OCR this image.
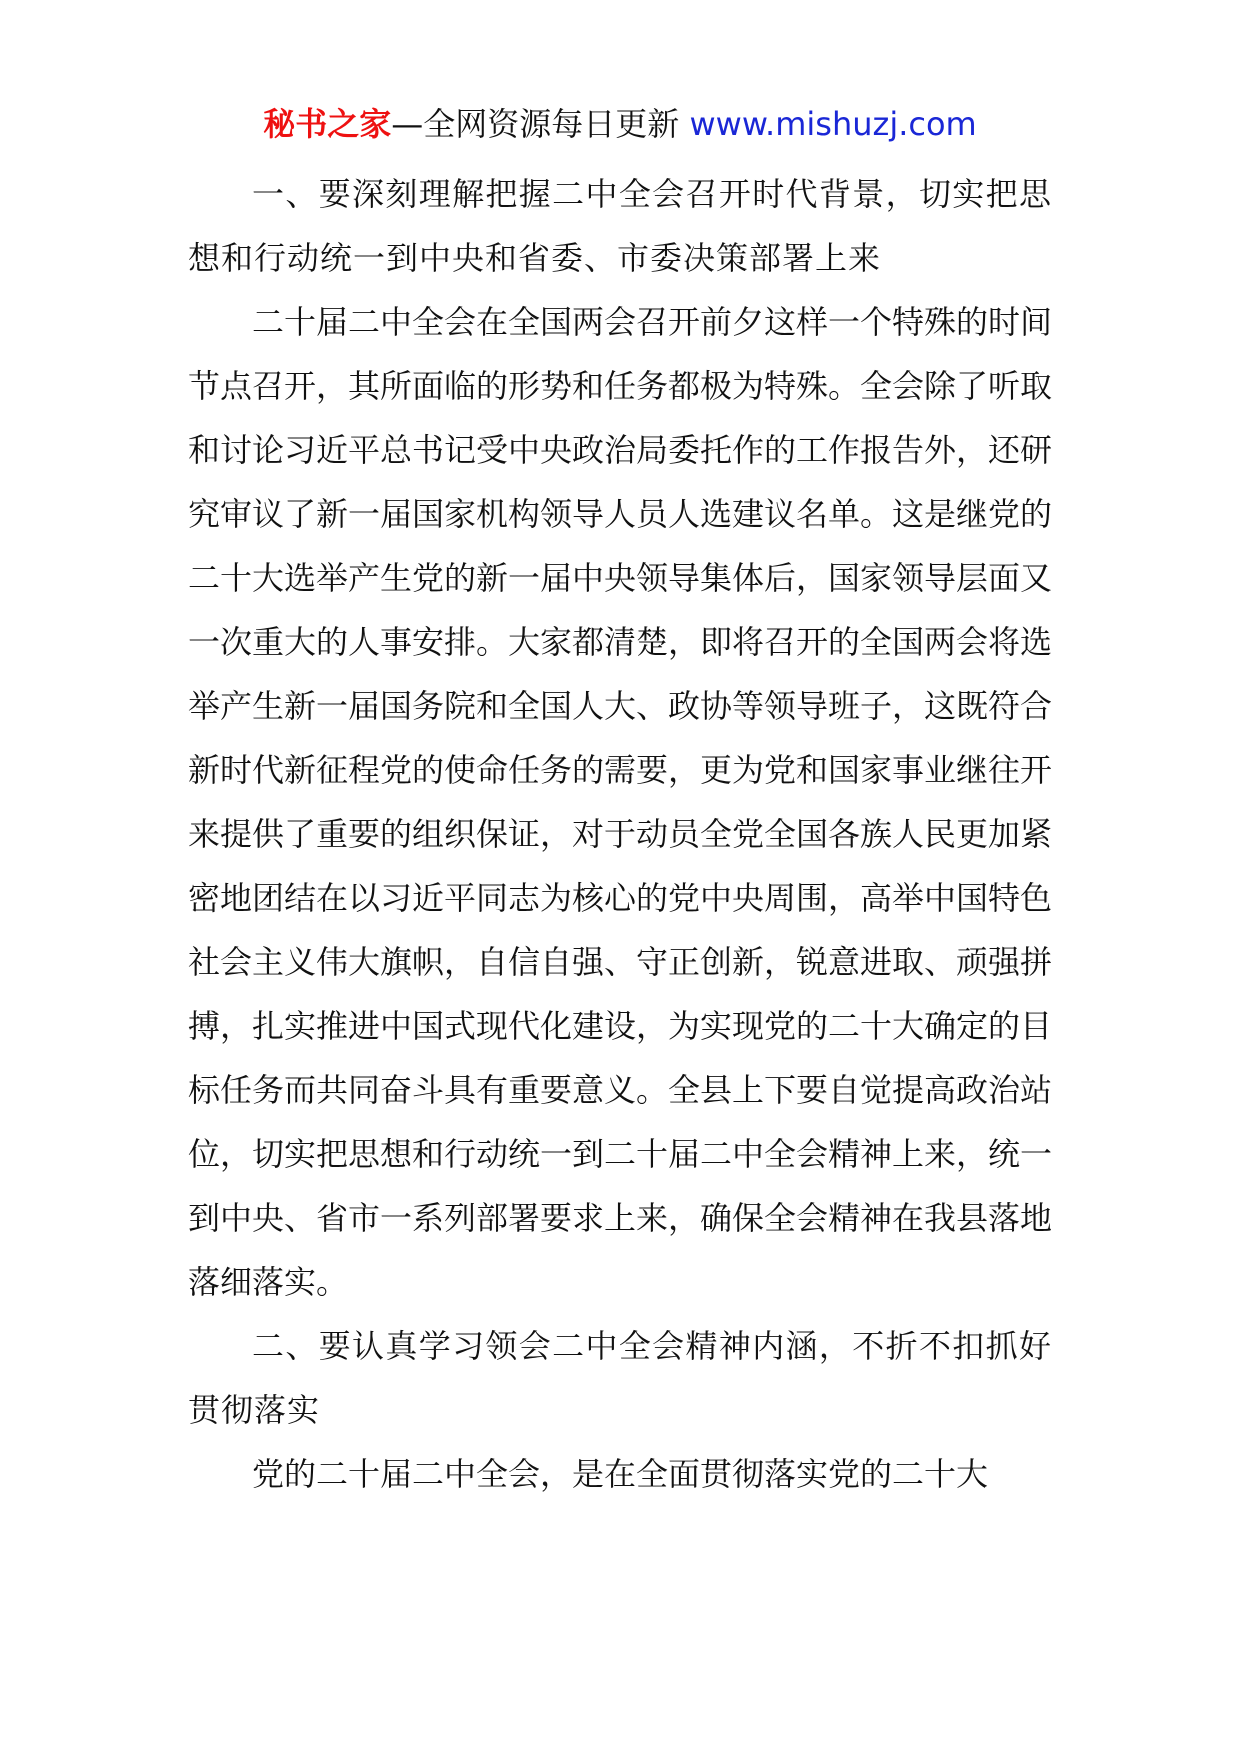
秘书之家—全网资源每日更新 www.mishuzj.com

一、要深刻理解把握二中全会召开时代背景，切实把思想和行动统一到中央和省委、市委决策部署上来

二十届二中全会在全国两会召开前夕这样一个特殊的时间节点召开，其所面临的形势和任务都极为特殊。全会除了听取和讨论习近平总书记受中央政治局委托作的工作报告外，还研究审议了新一届国家机构领导人员人选建议名单。这是继党的二十大选举产生党的新一届中央领导集体后，国家领导层面又一次重大的人事安排。大家都清楚，即将召开的全国两会将选举产生新一届国务院和全国人大、政协等领导班子，这既符合新时代新征程党的使命任务的需要，更为党和国家事业继往开来提供了重要的组织保证，对于动员全党全国各族人民更加紧密地团结在以习近平同志为核心的党中央周围，高举中国特色社会主义伟大旗帜，自信自强、守正创新，锐意进取、顽强拼搏，扎实推进中国式现代化建设，为实现党的二十大确定的目标任务而共同奋斗具有重要意义。全县上下要自觉提高政治站位，切实把思想和行动统一到二十届二中全会精神上来，统一到中央、省市一系列部署要求上来，确保全会精神在我县落地落细落实。

二、要认真学习领会二中全会精神内涵，不折不扣抓好贯彻落实

党的二十届二中全会，是在全面贯彻落实党的二十大
